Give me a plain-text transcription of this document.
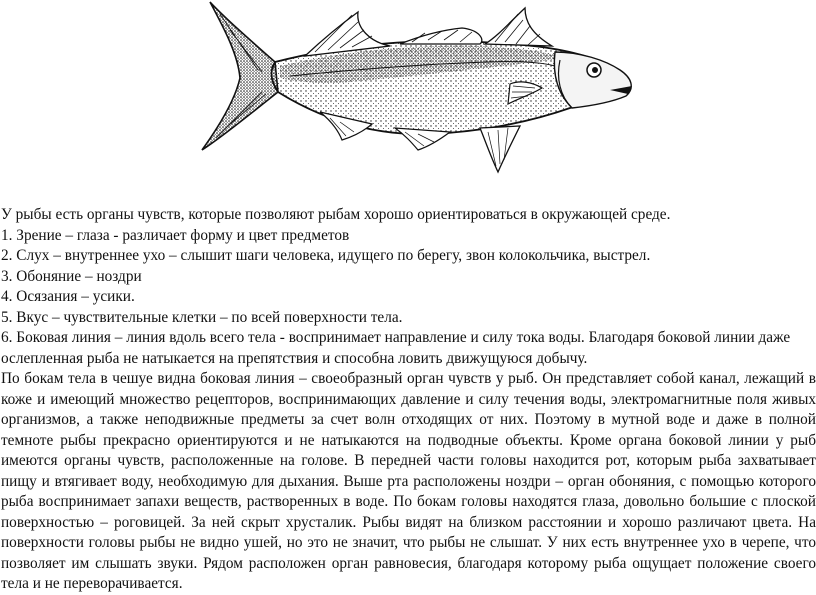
У рыбы есть органы чувств, которые позволяют рыбам хорошо ориентироваться в окружающей среде.

1. Зрение – глаза - различает форму и цвет предметов

2. Слух – внутреннее ухо – слышит шаги человека, идущего по берегу, звон колокольчика, выстрел.

3. Обоняние – ноздри

4. Осязания – усики.

5. Вкус – чувствительные клетки – по всей поверхности тела.

6. Боковая линия – линия вдоль всего тела - воспринимает направление и силу тока воды. Благодаря боковой линии даже ослепленная рыба не натыкается на препятствия и способна ловить движущуюся добычу.

По бокам тела в чешуе видна боковая линия – своеобразный орган чувств у рыб. Он представляет собой канал, лежащий в коже и имеющий множество рецепторов, воспринимающих давление и силу течения воды, электромагнитные поля живых организмов, а также неподвижные предметы за счет волн отходящих от них. Поэтому в мутной воде и даже в полной темноте рыбы прекрасно ориентируются и не натыкаются на подводные объекты. Кроме органа боковой линии у рыб имеются органы чувств, расположенные на голове. В передней части головы находится рот, которым рыба захватывает пищу и втягивает воду, необходимую для дыхания. Выше рта расположены ноздри – орган обоняния, с помощью которого рыба воспринимает запахи веществ, растворенных в воде. По бокам головы находятся глаза, довольно большие с плоской поверхностью – роговицей. За ней скрыт хрусталик. Рыбы видят на близком расстоянии и хорошо различают цвета. На поверхности головы рыбы не видно ушей, но это не значит, что рыбы не слышат. У них есть внутреннее ухо в черепе, что позволяет им слышать звуки. Рядом расположен орган равновесия, благодаря которому рыба ощущает положение своего тела и не переворачивается.
